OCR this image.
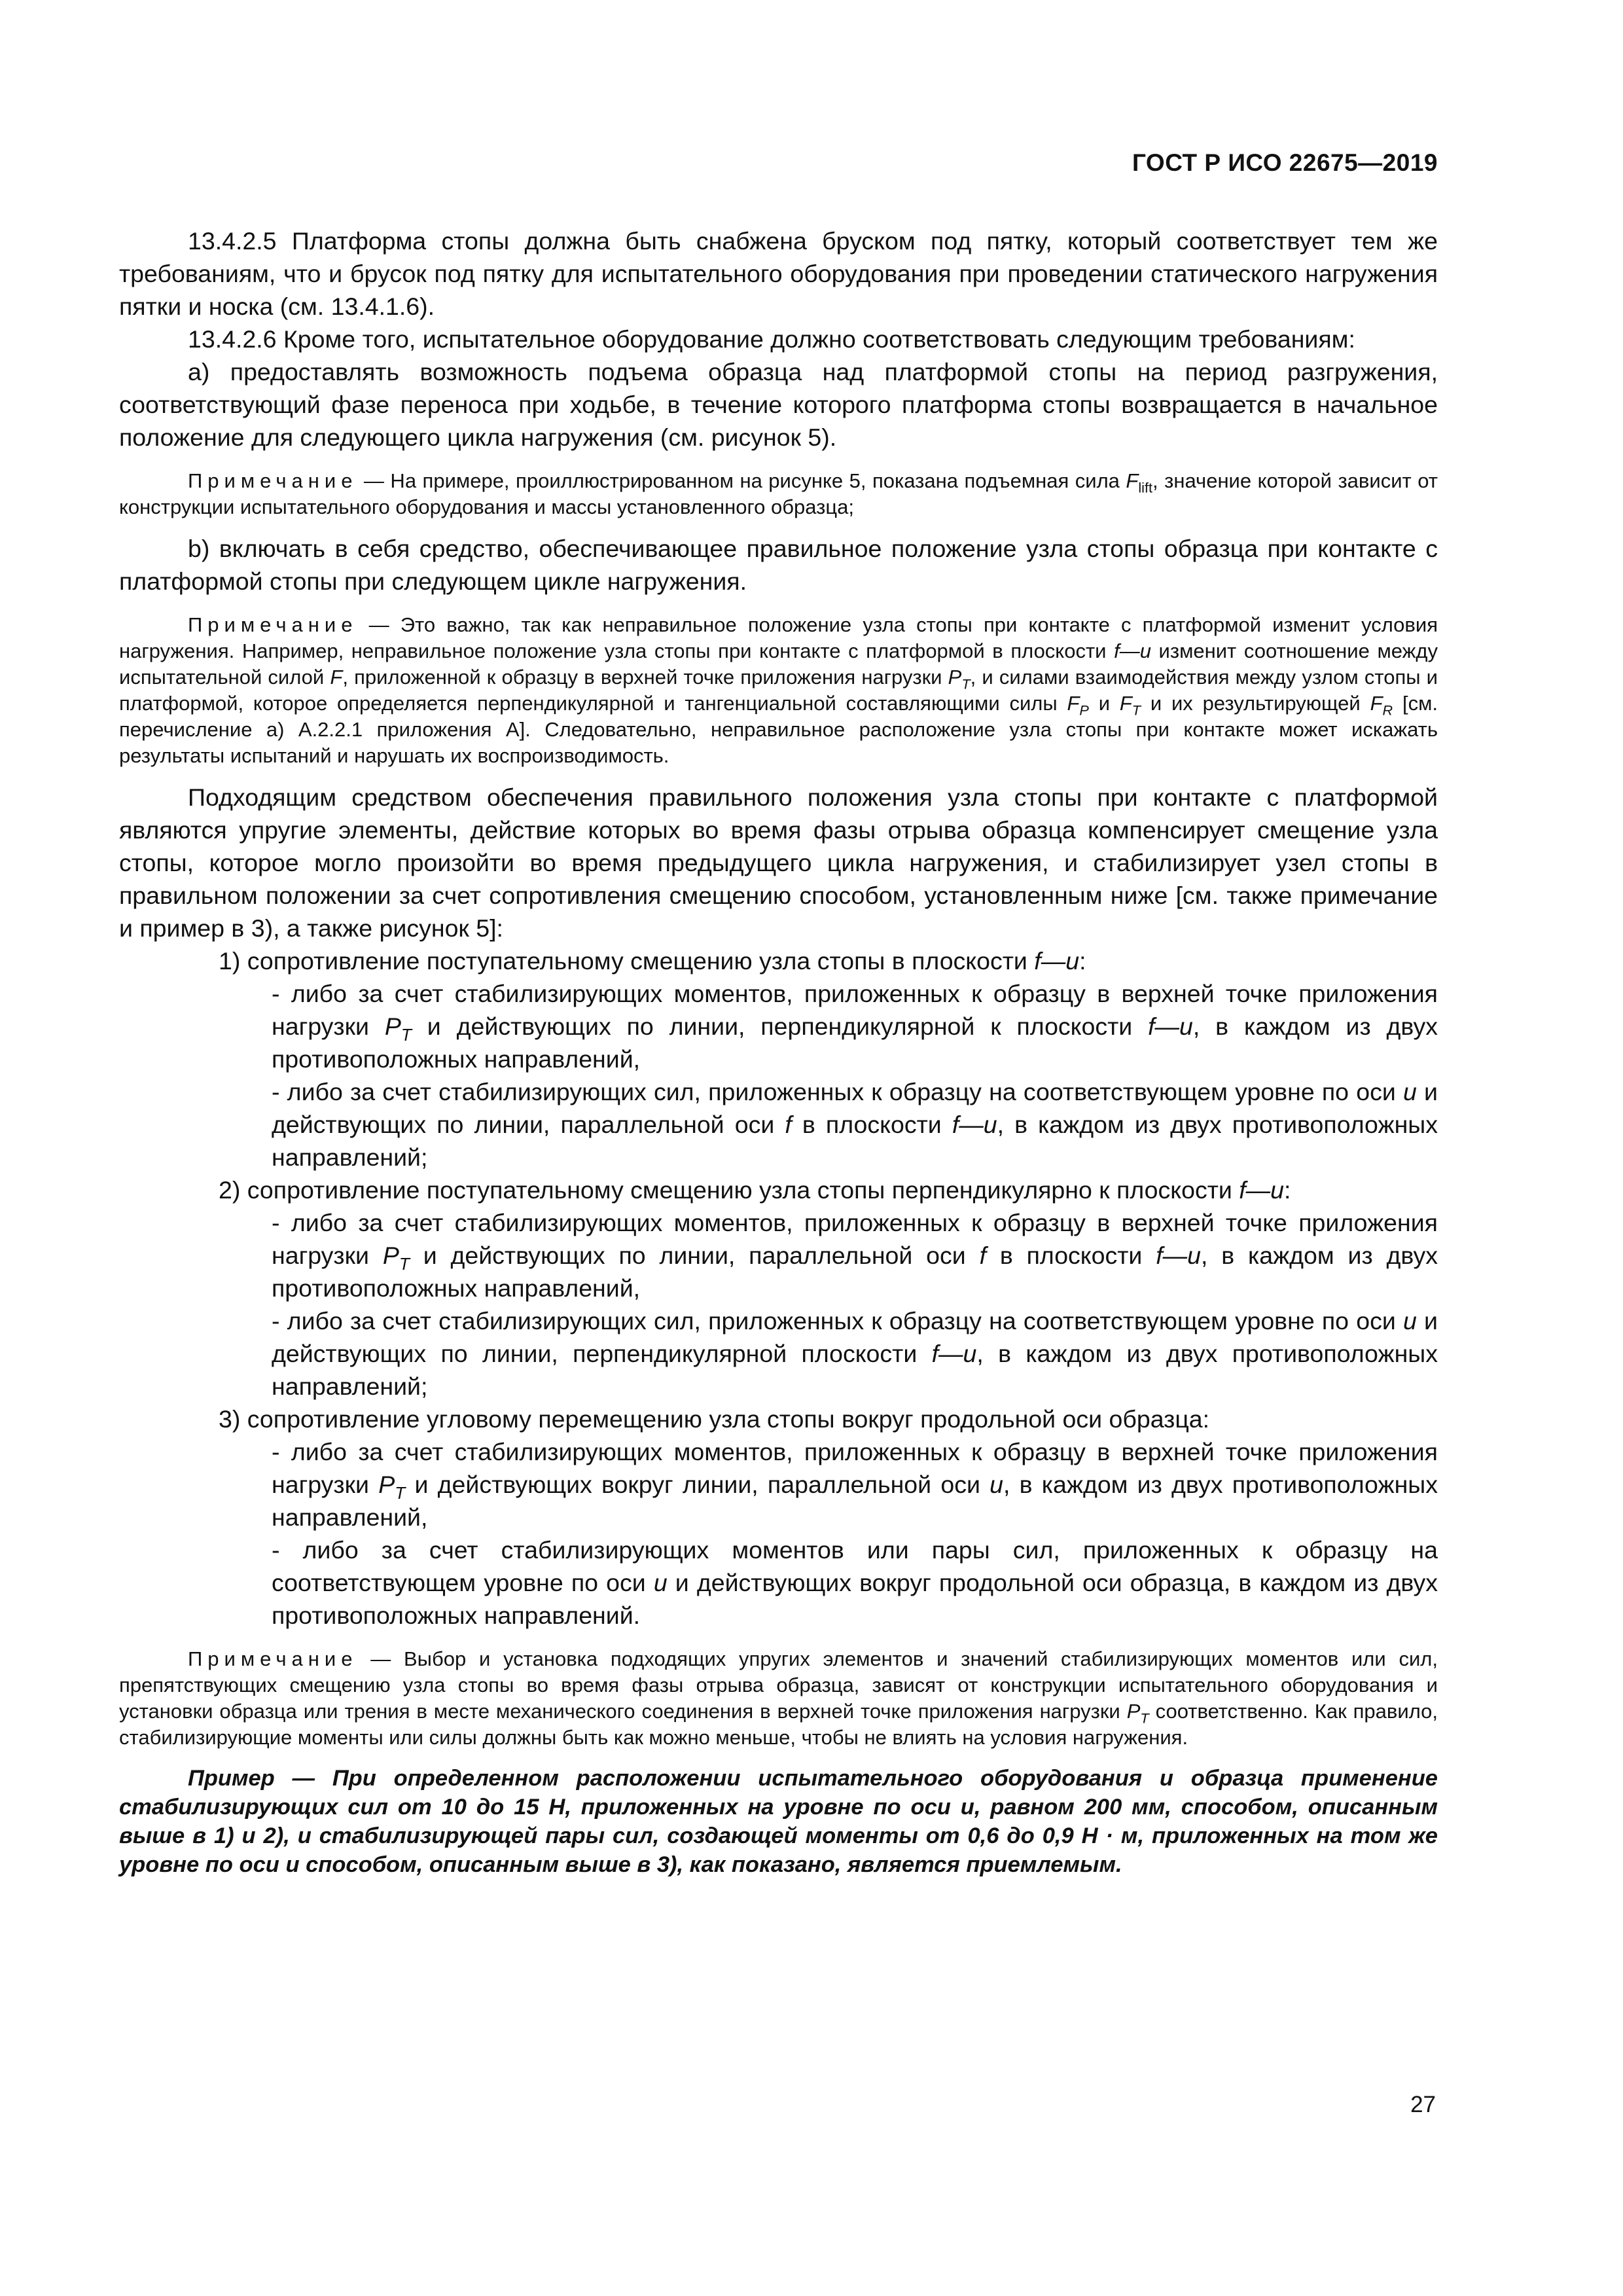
ГОСТ Р ИСО 22675—2019

13.4.2.5 Платформа стопы должна быть снабжена бруском под пятку, который соответствует тем же требованиям, что и брусок под пятку для испытательного оборудования при проведении статического нагружения пятки и носка (см. 13.4.1.6).

13.4.2.6 Кроме того, испытательное оборудование должно соответствовать следующим требованиям:

а) предоставлять возможность подъема образца над платформой стопы на период разгружения, соответствующий фазе переноса при ходьбе, в течение которого платформа стопы возвращается в начальное положение для следующего цикла нагружения (см. рисунок 5).

Примечание — На примере, проиллюстрированном на рисунке 5, показана подъемная сила $F_{lift}$, значение которой зависит от конструкции испытательного оборудования и массы установленного образца;

b) включать в себя средство, обеспечивающее правильное положение узла стопы образца при контакте с платформой стопы при следующем цикле нагружения.

Примечание — Это важно, так как неправильное положение узла стопы при контакте с платформой изменит условия нагружения. Например, неправильное положение узла стопы при контакте с платформой в плоскости f—u изменит соотношение между испытательной силой F, приложенной к образцу в верхней точке приложения нагрузки $P_T$, и силами взаимодействия между узлом стопы и платформой, которое определяется перпендикулярной и тангенциальной составляющими силы $F_P$ и $F_T$ и их результирующей $F_R$ [см. перечисление а) А.2.2.1 приложения А]. Следовательно, неправильное расположение узла стопы при контакте может искажать результаты испытаний и нарушать их воспроизводимость.

Подходящим средством обеспечения правильного положения узла стопы при контакте с платформой являются упругие элементы, действие которых во время фазы отрыва образца компенсирует смещение узла стопы, которое могло произойти во время предыдущего цикла нагружения, и стабилизирует узел стопы в правильном положении за счет сопротивления смещению способом, установленным ниже [см. также примечание и пример в 3), а также рисунок 5]:

1) сопротивление поступательному смещению узла стопы в плоскости f—u:

- либо за счет стабилизирующих моментов, приложенных к образцу в верхней точке приложения нагрузки $P_T$ и действующих по линии, перпендикулярной к плоскости f—u, в каждом из двух противоположных направлений,

- либо за счет стабилизирующих сил, приложенных к образцу на соответствующем уровне по оси u и действующих по линии, параллельной оси f в плоскости f—u, в каждом из двух противоположных направлений;

2) сопротивление поступательному смещению узла стопы перпендикулярно к плоскости f—u:

- либо за счет стабилизирующих моментов, приложенных к образцу в верхней точке приложения нагрузки $P_T$ и действующих по линии, параллельной оси f в плоскости f—u, в каждом из двух противоположных направлений,

- либо за счет стабилизирующих сил, приложенных к образцу на соответствующем уровне по оси u и действующих по линии, перпендикулярной плоскости f—u, в каждом из двух противоположных направлений;

3) сопротивление угловому перемещению узла стопы вокруг продольной оси образца:

- либо за счет стабилизирующих моментов, приложенных к образцу в верхней точке приложения нагрузки $P_T$ и действующих вокруг линии, параллельной оси u, в каждом из двух противоположных направлений,

- либо за счет стабилизирующих моментов или пары сил, приложенных к образцу на соответствующем уровне по оси u и действующих вокруг продольной оси образца, в каждом из двух противоположных направлений.

Примечание — Выбор и установка подходящих упругих элементов и значений стабилизирующих моментов или сил, препятствующих смещению узла стопы во время фазы отрыва образца, зависят от конструкции испытательного оборудования и установки образца или трения в месте механического соединения в верхней точке приложения нагрузки $P_T$ соответственно. Как правило, стабилизирующие моменты или силы должны быть как можно меньше, чтобы не влиять на условия нагружения.

Пример — При определенном расположении испытательного оборудования и образца применение стабилизирующих сил от 10 до 15 Н, приложенных на уровне по оси u, равном 200 мм, способом, описанным выше в 1) и 2), и стабилизирующей пары сил, создающей моменты от 0,6 до 0,9 Н · м, приложенных на том же уровне по оси и способом, описанным выше в 3), как показано, является приемлемым.

27
